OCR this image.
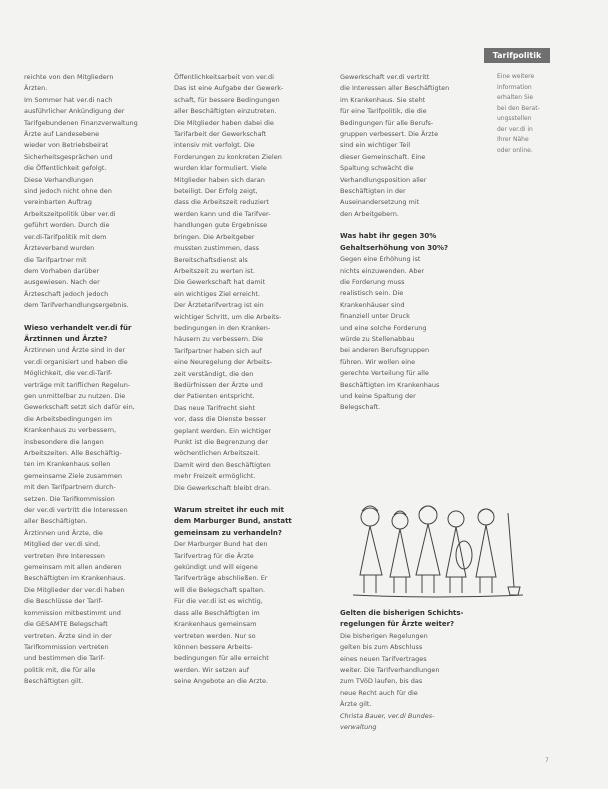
Tarifpolitik

reichte von den Mitgliedern

Ärzten.

Im Sommer hat ver.di nach

ausführlicher Ankündigung der

Tarifgebundenen Finanzverwaltung

Ärzte auf Landesebene

wieder von Betriebsbeirat

Sicherheitsgesprächen und

die Öffentlichkeit gefolgt.

Diese Verhandlungen

sind jedoch nicht ohne den

vereinbarten Auftrag

Arbeitszeitpolitik über ver.di

geführt worden. Durch die

ver.di-Tarifpolitik mit dem

Ärzteverband wurden

die Tarifpartner mit

dem Vorhaben darüber

ausgewiesen. Nach der

Ärzteschaft jedoch jedoch

dem Tarifverhandlungsergebnis.

Wieso verhandelt ver.di für
Ärztinnen und Ärzte?

Ärztinnen und Ärzte sind in der

ver.di organisiert und haben die

Möglichkeit, die ver.di-Tarif-

verträge mit tariflichen Regelun-

gen unmittelbar zu nutzen. Die

Gewerkschaft setzt sich dafür ein,

die Arbeitsbedingungen im

Krankenhaus zu verbessern,

insbesondere die langen

Arbeitszeiten. Alle Beschäftig-

ten im Krankenhaus sollen

gemeinsame Ziele zusammen

mit den Tarifpartnern durch-

setzen. Die Tarifkommission

der ver.di vertritt die Interessen

aller Beschäftigten.

Ärztinnen und Ärzte, die

Mitglied der ver.di sind,

vertreten ihre Interessen

gemeinsam mit allen anderen

Beschäftigten im Krankenhaus.

Die Mitglieder der ver.di haben

die Beschlüsse der Tarif-

kommission mitbestimmt und

die GESAMTE Belegschaft

vertreten. Ärzte sind in der

Tarifkommission vertreten

und bestimmen die Tarif-

politik mit, die für alle

Beschäftigten gilt.

Öffentlichkeitsarbeit von ver.di

Das ist eine Aufgabe der Gewerk-

schaft, für bessere Bedingungen

aller Beschäftigten einzutreten.

Die Mitglieder haben dabei die

Tarifarbeit der Gewerkschaft

intensiv mit verfolgt. Die

Forderungen zu konkreten Zielen

wurden klar formuliert. Viele

Mitglieder haben sich daran

beteiligt. Der Erfolg zeigt,

dass die Arbeitszeit reduziert

werden kann und die Tarifver-

handlungen gute Ergebnisse

bringen. Die Arbeitgeber

mussten zustimmen, dass

Bereitschaftsdienst als

Arbeitszeit zu werten ist.

Die Gewerkschaft hat damit

ein wichtiges Ziel erreicht.

Der Ärztetarifvertrag ist ein

wichtiger Schritt, um die Arbeits-

bedingungen in den Kranken-

häusern zu verbessern. Die

Tarifpartner haben sich auf

eine Neuregelung der Arbeits-

zeit verständigt, die den

Bedürfnissen der Ärzte und

der Patienten entspricht.

Das neue Tarifrecht sieht

vor, dass die Dienste besser

geplant werden. Ein wichtiger

Punkt ist die Begrenzung der

wöchentlichen Arbeitszeit.

Damit wird den Beschäftigten

mehr Freizeit ermöglicht.

Die Gewerkschaft bleibt dran.

Warum streitet ihr euch mit
dem Marburger Bund, anstatt
gemeinsam zu verhandeln?

Der Marburger Bund hat den

Tarifvertrag für die Ärzte

gekündigt und will eigene

Tarifverträge abschließen. Er

will die Belegschaft spalten.

Für die ver.di ist es wichtig,

dass alle Beschäftigten im

Krankenhaus gemeinsam

vertreten werden. Nur so

können bessere Arbeits-

bedingungen für alle erreicht

werden. Wir setzen auf

seine Angebote an die Arzte.

Gewerkschaft ver.di vertritt

die Interessen aller Beschäftigten

im Krankenhaus. Sie steht

für eine Tarifpolitik, die die

Bedingungen für alle Berufs-

gruppen verbessert. Die Ärzte

sind ein wichtiger Teil

dieser Gemeinschaft. Eine

Spaltung schwächt die

Verhandlungsposition aller

Beschäftigten in der

Auseinandersetzung mit

den Arbeitgebern.

Was habt ihr gegen 30%
Gehaltserhöhung von 30%?

Gegen eine Erhöhung ist

nichts einzuwenden. Aber

die Forderung muss

realistisch sein. Die

Krankenhäuser sind

finanziell unter Druck

und eine solche Forderung

würde zu Stellenabbau

bei anderen Berufsgruppen

führen. Wir wollen eine

gerechte Verteilung für alle

Beschäftigten im Krankenhaus

und keine Spaltung der

Belegschaft.

Gelten die bisherigen Schichts-
regelungen für Ärzte weiter?

Die bisherigen Regelungen

gelten bis zum Abschluss

eines neuen Tarifvertrages

weiter. Die Tarifverhandlungen

zum TVöD laufen, bis das

neue Recht auch für die

Ärzte gilt.

Christa Bauer, ver.di Bundes-

verwaltung

Eine weitere

Information

erhalten Sie

bei den Berat-

ungsstellen

der ver.di in

Ihrer Nähe

oder online.

7
